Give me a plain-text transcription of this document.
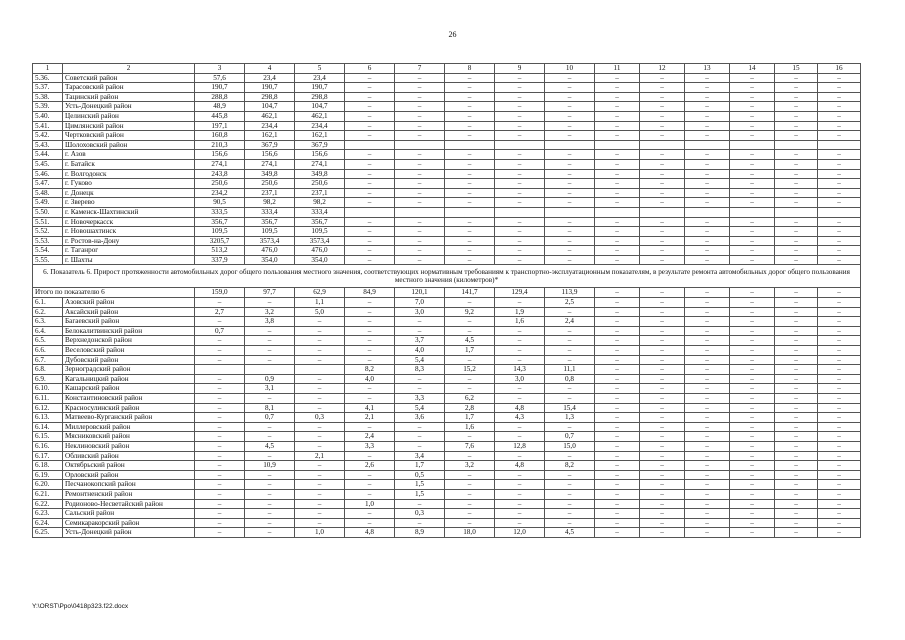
26
1	2	3	4	5	6	7	8	9	10	11	12	13	14	15	16
5.36.	Советский район	57,6	23,4	23,4	–	–	–	–	–	–	–	–	–	–	–
5.37.	Тарасовский район	190,7	190,7	190,7	–	–	–	–	–	–	–	–	–	–	–
5.38.	Тацинский район	288,8	298,8	298,8	–	–	–	–	–	–	–	–	–	–	–
5.39.	Усть-Донецкий район	48,9	104,7	104,7	–	–	–	–	–	–	–	–	–	–	–
5.40.	Целинский район	445,8	462,1	462,1	–	–	–	–	–	–	–	–	–	–	–
5.41.	Цимлянский район	197,1	234,4	234,4	–	–	–	–	–	–	–	–	–	–	–
5.42.	Чертковский район	160,8	162,1	162,1	–	–	–	–	–	–	–	–	–	–	–
5.43.	Шолоховский район	210,3	367,9	367,9											
5.44.	г. Азов	156,6	156,6	156,6	–	–	–	–	–	–	–	–	–	–	–
5.45.	г. Батайск	274,1	274,1	274,1	–	–	–	–	–	–	–	–	–	–	–
5.46.	г. Волгодонск	243,8	349,8	349,8	–	–	–	–	–	–	–	–	–	–	–
5.47.	г. Гуково	250,6	250,6	250,6	–	–	–	–	–	–	–	–	–	–	–
5.48.	г. Донецк	234,2	237,1	237,1	–	–	–	–	–	–	–	–	–	–	–
5.49.	г. Зверево	90,5	98,2	98,2	–	–	–	–	–	–	–	–	–	–	–
5.50.	г. Каменск-Шахтинский	333,5	333,4	333,4											
5.51.	г. Новочеркасск	356,7	356,7	356,7	–	–	–	–	–	–	–	–	–	–	–
5.52.	г. Новошахтинск	109,5	109,5	109,5	–	–	–	–	–	–	–	–	–	–	–
5.53.	г. Ростов-на-Дону	3205,7	3573,4	3573,4	–	–	–	–	–	–	–	–	–	–	–
5.54.	г. Таганрог	513,2	476,0	476,0	–	–	–	–	–	–	–	–	–	–	–
5.55.	г. Шахты	337,9	354,0	354,0	–	–	–	–	–	–	–	–	–	–	–
6. Показатель 6. Прирост протяженности автомобильных дорог общего пользования местного значения, соответствующих нормативным требованиям к транспортно-эксплуатационным показателям, в результате ремонта автомобильных дорог общего пользования местного значения (километров)*															
Итого по показателю 6		159,0	97,7	62,9	84,9	120,1	141,7	129,4	113,9	–	–	–	–	–	–
6.1.	Азовский район	–	–	1,1	–	7,0	–	–	2,5	–	–	–	–	–	–
6.2.	Аксайский район	2,7	3,2	5,0	–	3,0	9,2	1,9	–	–	–	–	–	–	–
6.3.	Багаевский район	–	3,8	–	–	–	–	1,6	2,4	–	–	–	–	–	–
6.4.	Белокалитвинский район	0,7	–	–	–	–	–	–	–	–	–	–	–	–	–
6.5.	Верхнедонской район	–	–	–	–	3,7	4,5	–	–	–	–	–	–	–	–
6.6.	Веселовский район	–	–	–	–	4,0	1,7	–	–	–	–	–	–	–	–
6.7.	Дубовский район	–	–	–	–	5,4	–	–	–	–	–	–	–	–	–
6.8.	Зерноградский район				8,2	8,3	15,2	14,3	11,1	–	–	–	–	–	–
6.9.	Кагальницкий район	–	0,9	–	4,0	–	–	3,0	0,8	–	–	–	–	–	–
6.10.	Кашарский район	–	3,1	–	–	–	–	–	–	–	–	–	–	–	–
6.11.	Константиновский район	–	–	–	–	3,3	6,2	–	–	–	–	–	–	–	–
6.12.	Красносулинский район	–	8,1	–	4,1	5,4	2,8	4,8	15,4	–	–	–	–	–	–
6.13.	Матвеево-Курганский район	–	0,7	0,3	2,1	3,6	1,7	4,3	1,3	–	–	–	–	–	–
6.14.	Миллеровский район	–	–	–	–	–	1,6	–	–	–	–	–	–	–	–
6.15.	Мясниковский район	–	–	–	2,4	–	–	–	0,7	–	–	–	–	–	–
6.16.	Неклиновский район	–	4,5	–	3,3	–	7,6	12,8	15,0	–	–	–	–	–	–
6.17.	Обливский район	–	–	2,1	–	3,4	–	–	–	–	–	–	–	–	–
6.18.	Октябрьский район	–	10,9	–	2,6	1,7	3,2	4,8	8,2	–	–	–	–	–	–
6.19.	Орловский район	–	–	–	–	0,5	–	–	–	–	–	–	–	–	–
6.20.	Песчанокопский район	–	–	–	–	1,5	–	–	–	–	–	–	–	–	–
6.21.	Ремонтненский район	–	–	–	–	1,5	–	–	–	–	–	–	–	–	–
6.22.	Родионово-Несветайский район	–	–	–	1,0	–	–	–	–	–	–	–	–	–	–
6.23.	Сальский район	–	–	–	–	0,3	–	–	–	–	–	–	–	–	–
6.24.	Семикаракорский район	–	–	–	–	–	–	–	–	–	–	–	–	–	–
6.25.	Усть-Донецкий район	–	–	1,0	4,8	8,9	18,0	12,0	4,5	–	–	–	–	–	–
Y:\ORST\Ppo\0418p323.f22.docx
